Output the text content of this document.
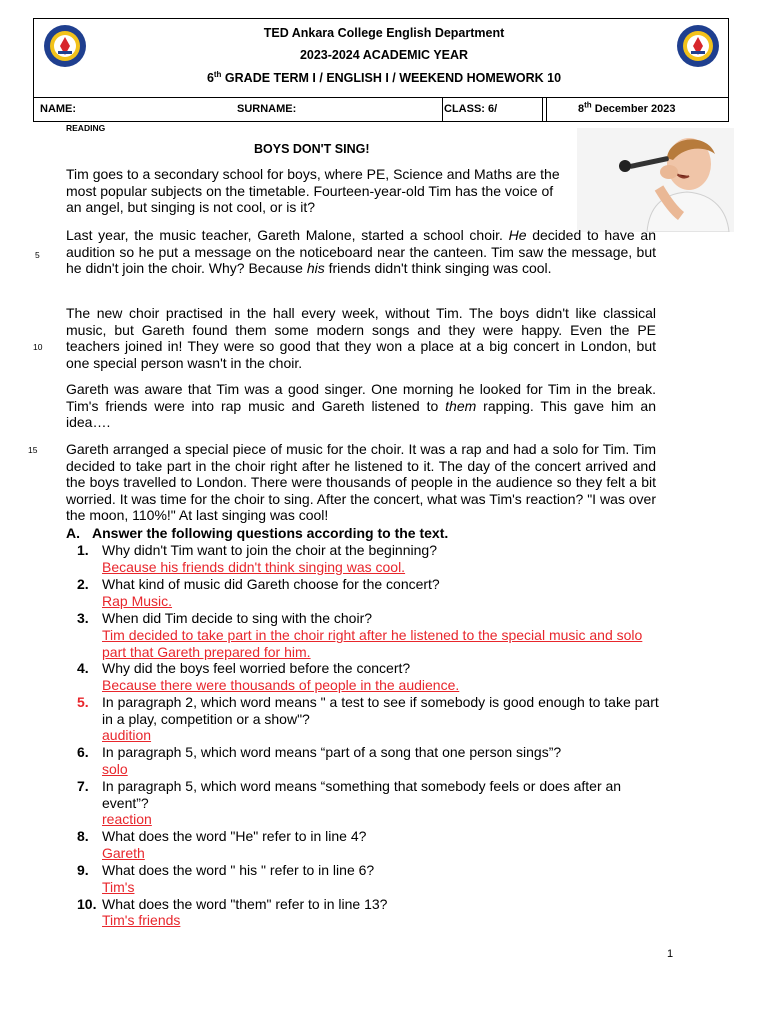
TED Ankara College English Department
2023-2024 ACADEMIC YEAR
6th GRADE TERM I / ENGLISH I / WEEKEND HOMEWORK 10
NAME:	SURNAME:	CLASS: 6/	8th December 2023
READING
BOYS DON'T SING!
Tim goes to a secondary school for boys, where PE, Science and Maths are the most popular subjects on the timetable. Fourteen-year-old Tim has the voice of an angel, but singing is not cool, or is it?
Last year, the music teacher, Gareth Malone, started a school choir. He decided to have an audition so he put a message on the noticeboard near the canteen. Tim saw the message, but he didn't join the choir. Why? Because his friends didn't think singing was cool.
The new choir practised in the hall every week, without Tim. The boys didn't like classical music, but Gareth found them some modern songs and they were happy. Even the PE teachers joined in! They were so good that they won a place at a big concert in London, but one special person wasn't in the choir.
Gareth was aware that Tim was a good singer. One morning he looked for Tim in the break. Tim's friends were into rap music and Gareth listened to them rapping. This gave him an idea….
Gareth arranged a special piece of music for the choir. It was a rap and had a solo for Tim. Tim decided to take part in the choir right after he listened to it. The day of the concert arrived and the boys travelled to London. There were thousands of people in the audience so they felt a bit worried. It was time for the choir to sing. After the concert, what was Tim's reaction? "I was over the moon, 110%!" At last singing was cool!
5
10
15
A. Answer the following questions according to the text.
1. Why didn't Tim want to join the choir at the beginning?
Because his friends didn't think singing was cool.
2. What kind of music did Gareth choose for the concert?
Rap Music.
3. When did Tim decide to sing with the choir?
Tim decided to take part in the choir right after he listened to the special music and solo part that Gareth prepared for him.
4. Why did the boys feel worried before the concert?
Because there were thousands of people in the audience.
5. In paragraph 2, which word means " a test to see if somebody is good enough to take part in a play, competition or a show"?
audition
6. In paragraph 5, which word means “part of a song that one person sings”?
solo
7. In paragraph 5, which word means “something that somebody feels or does after an event”?
reaction
8. What does the word "He" refer to in line 4?
Gareth
9. What does the word " his " refer to in line 6?
Tim's
10. What does the word "them" refer to in line 13?
Tim's friends
1
